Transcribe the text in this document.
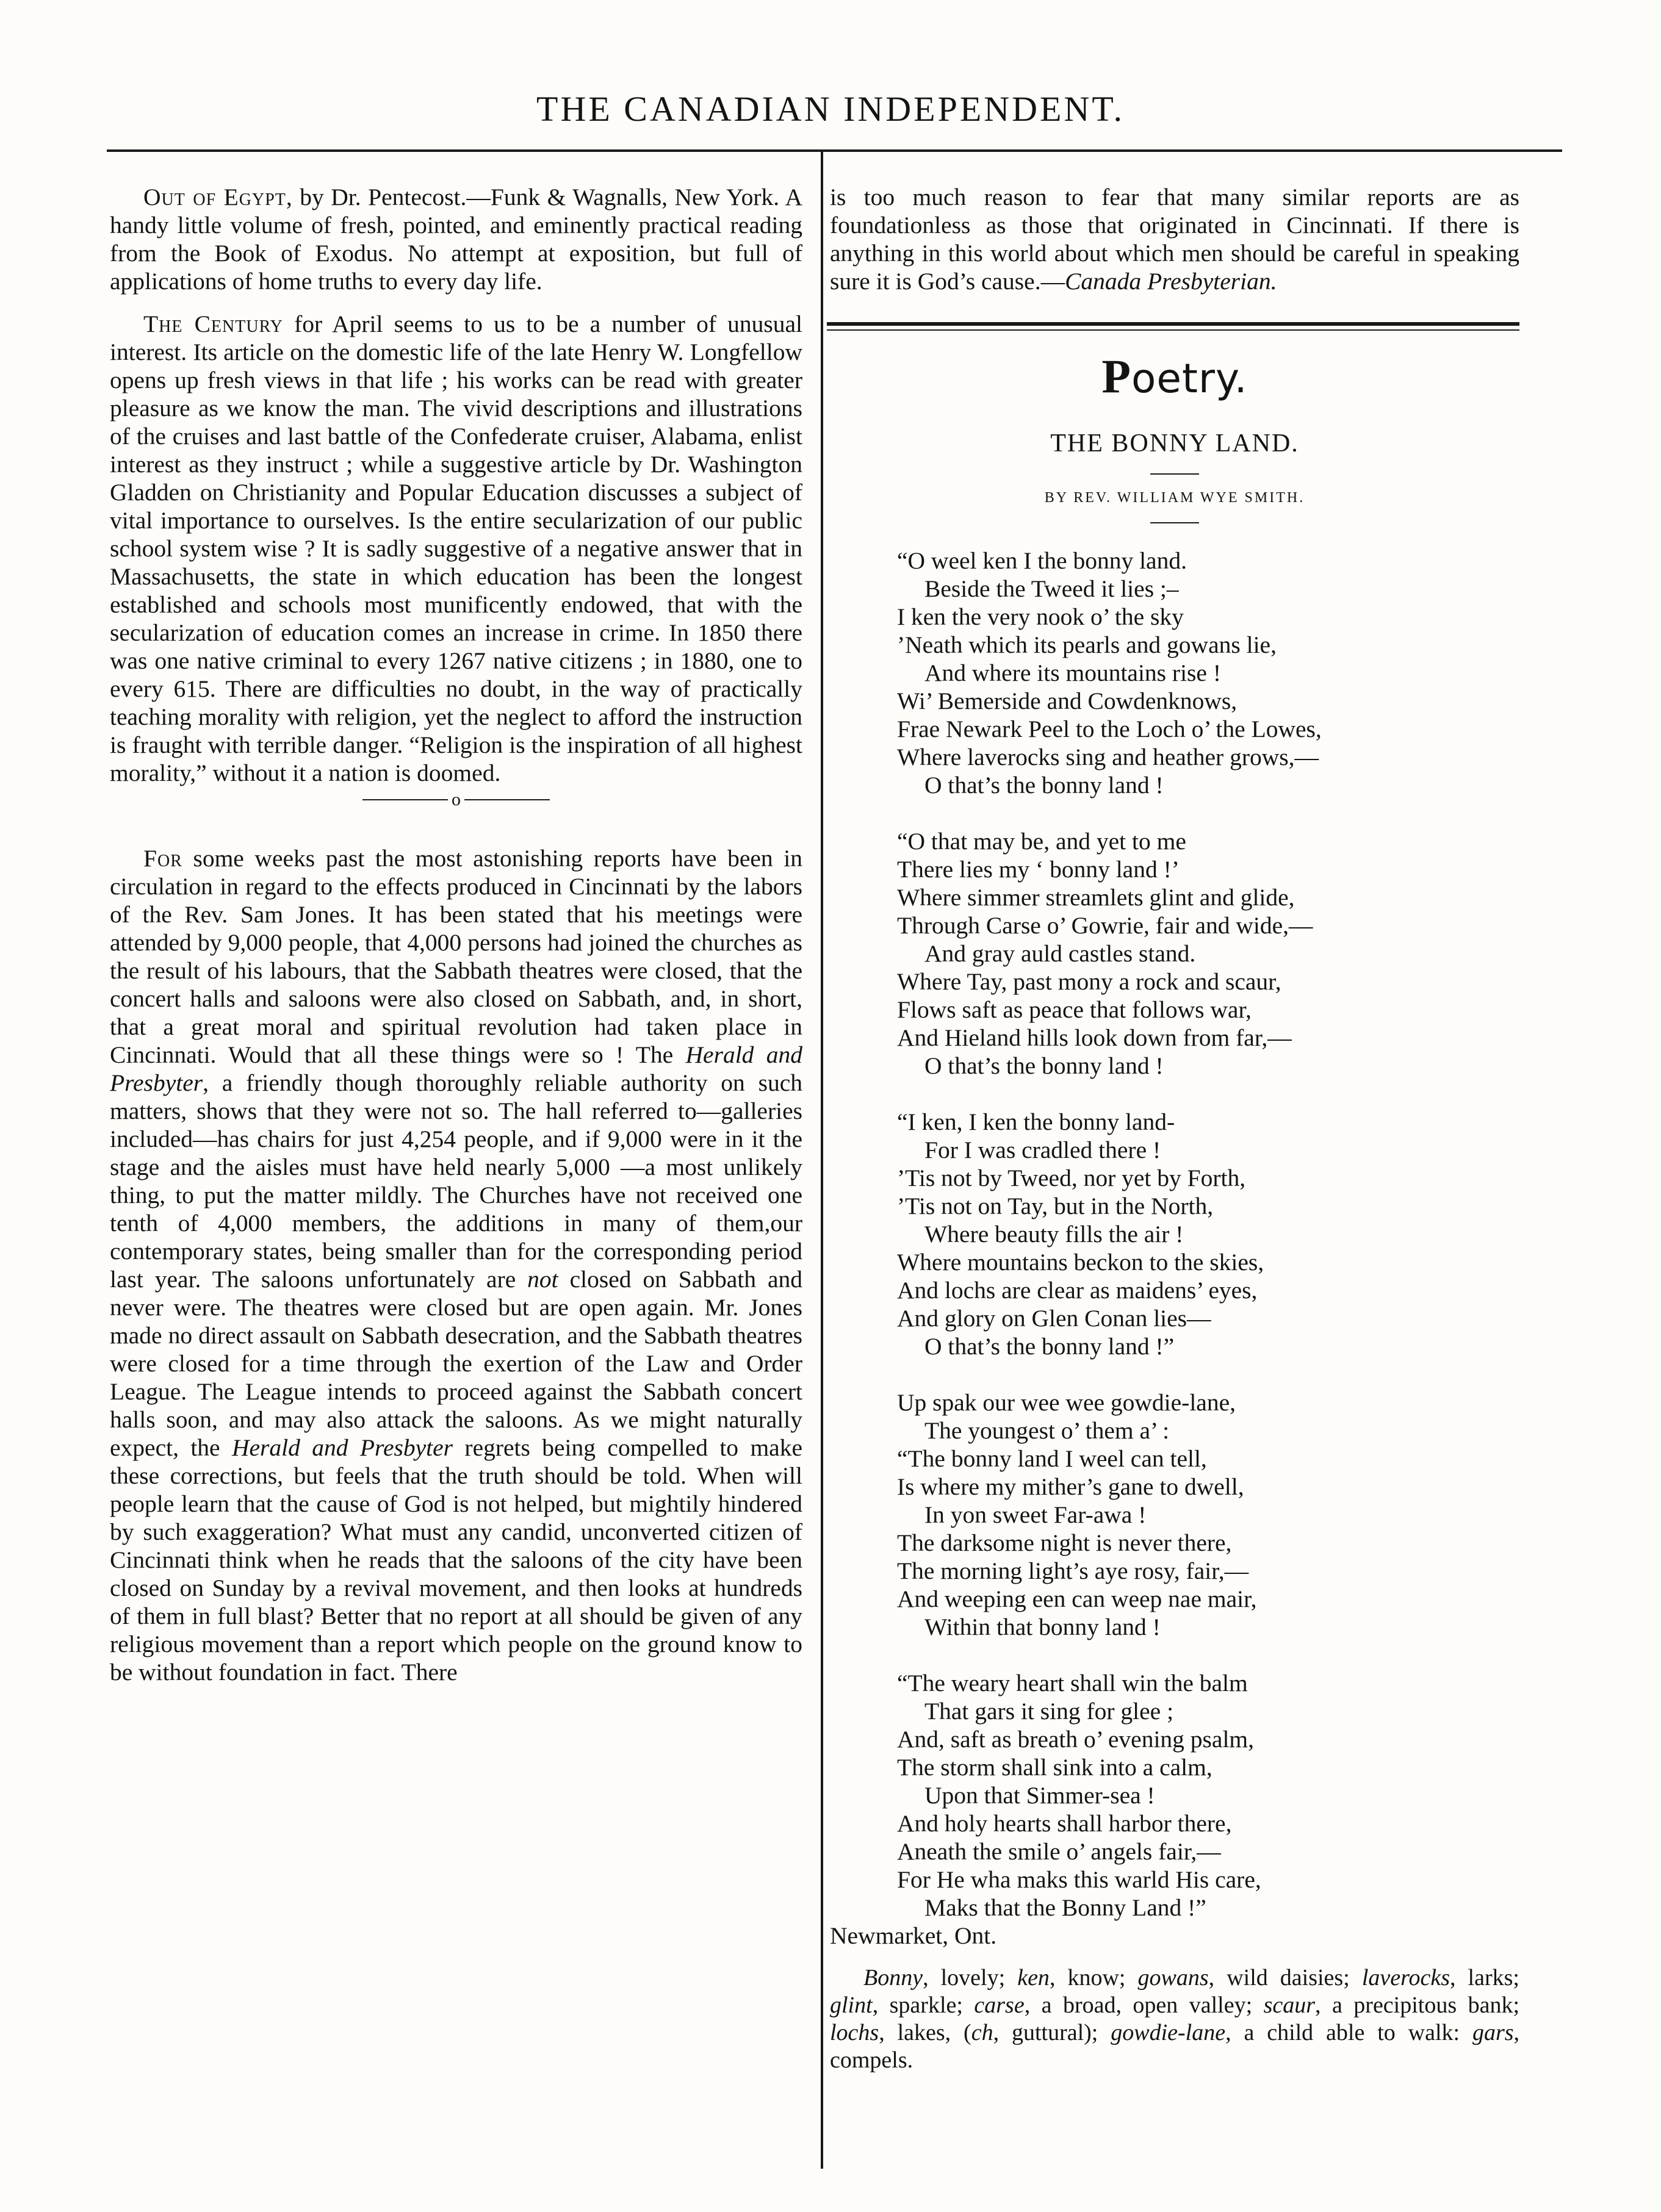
THE CANADIAN INDEPENDENT.

Out of Egypt, by Dr. Pentecost.—Funk & Wagnalls, New York. A handy little volume of fresh, pointed, and eminently practical reading from the Book of Exodus. No attempt at exposition, but full of applications of home truths to every day life.

The Century for April seems to us to be a number of unusual interest. Its article on the domestic life of the late Henry W. Longfellow opens up fresh views in that life ; his works can be read with greater pleasure as we know the man. The vivid descriptions and illustrations of the cruises and last battle of the Confederate cruiser, Alabama, enlist interest as they instruct ; while a suggestive article by Dr. Washington Gladden on Christianity and Popular Education discusses a subject of vital importance to ourselves. Is the entire secularization of our public school system wise ? It is sadly suggestive of a negative answer that in Massachusetts, the state in which education has been the longest established and schools most munificently endowed, that with the secularization of education comes an increase in crime. In 1850 there was one native criminal to every 1267 native citizens ; in 1880, one to every 615. There are difficulties no doubt, in the way of practically teaching morality with religion, yet the neglect to afford the instruction is fraught with terrible danger. “Religion is the inspiration of all highest morality,” without it a nation is doomed.

o

For some weeks past the most astonishing reports have been in circulation in regard to the effects produced in Cincinnati by the labors of the Rev. Sam Jones. It has been stated that his meetings were attended by 9,000 people, that 4,000 persons had joined the churches as the result of his labours, that the Sabbath theatres were closed, that the concert halls and saloons were also closed on Sabbath, and, in short, that a great moral and spiritual revolution had taken place in Cincinnati. Would that all these things were so ! The Herald and Presbyter, a friendly though thoroughly reliable authority on such matters, shows that they were not so. The hall referred to—galleries included—has chairs for just 4,254 people, and if 9,000 were in it the stage and the aisles must have held nearly 5,000 —a most unlikely thing, to put the matter mildly. The Churches have not received one tenth of 4,000 members, the additions in many of them,our contemporary states, being smaller than for the corresponding period last year. The saloons unfortunately are not closed on Sabbath and never were. The theatres were closed but are open again. Mr. Jones made no direct assault on Sabbath desecration, and the Sabbath theatres were closed for a time through the exertion of the Law and Order League. The League intends to proceed against the Sabbath concert halls soon, and may also attack the saloons. As we might naturally expect, the Herald and Presbyter regrets being compelled to make these corrections, but feels that the truth should be told. When will people learn that the cause of God is not helped, but mightily hindered by such exaggeration? What must any candid, unconverted citizen of Cincinnati think when he reads that the saloons of the city have been closed on Sunday by a revival movement, and then looks at hundreds of them in full blast? Better that no report at all should be given of any religious movement than a report which people on the ground know to be without foundation in fact. There

is too much reason to fear that many similar reports are as foundationless as those that originated in Cincinnati. If there is anything in this world about which men should be careful in speaking sure it is God’s cause.—Canada Presbyterian.

Poetry.
THE BONNY LAND.
BY REV. WILLIAM WYE SMITH.
“O weel ken I the bonny land.
Beside the Tweed it lies ;–
I ken the very nook o’ the sky
’Neath which its pearls and gowans lie,
And where its mountains rise !
Wi’ Bemerside and Cowdenknows,
Frae Newark Peel to the Loch o’ the Lowes,
Where laverocks sing and heather grows,—
O that’s the bonny land !
“O that may be, and yet to me
There lies my ‘ bonny land !’
Where simmer streamlets glint and glide,
Through Carse o’ Gowrie, fair and wide,—
And gray auld castles stand.
Where Tay, past mony a rock and scaur,
Flows saft as peace that follows war,
And Hieland hills look down from far,—
O that’s the bonny land !
“I ken, I ken the bonny land-
For I was cradled there !
’Tis not by Tweed, nor yet by Forth,
’Tis not on Tay, but in the North,
Where beauty fills the air !
Where mountains beckon to the skies,
And lochs are clear as maidens’ eyes,
And glory on Glen Conan lies—
O that’s the bonny land !”
Up spak our wee wee gowdie-lane,
The youngest o’ them a’ :
“The bonny land I weel can tell,
Is where my mither’s gane to dwell,
In yon sweet Far-awa !
The darksome night is never there,
The morning light’s aye rosy, fair,—
And weeping een can weep nae mair,
Within that bonny land !
“The weary heart shall win the balm
That gars it sing for glee ;
And, saft as breath o’ evening psalm,
The storm shall sink into a calm,
Upon that Simmer-sea !
And holy hearts shall harbor there,
Aneath the smile o’ angels fair,—
For He wha maks this warld His care,
Maks that the Bonny Land !”

Newmarket, Ont.

Bonny, lovely; ken, know; gowans, wild daisies; laverocks, larks; glint, sparkle; carse, a broad, open valley; scaur, a precipitous bank; lochs, lakes, (ch, guttural); gowdie-lane, a child able to walk: gars, compels.
